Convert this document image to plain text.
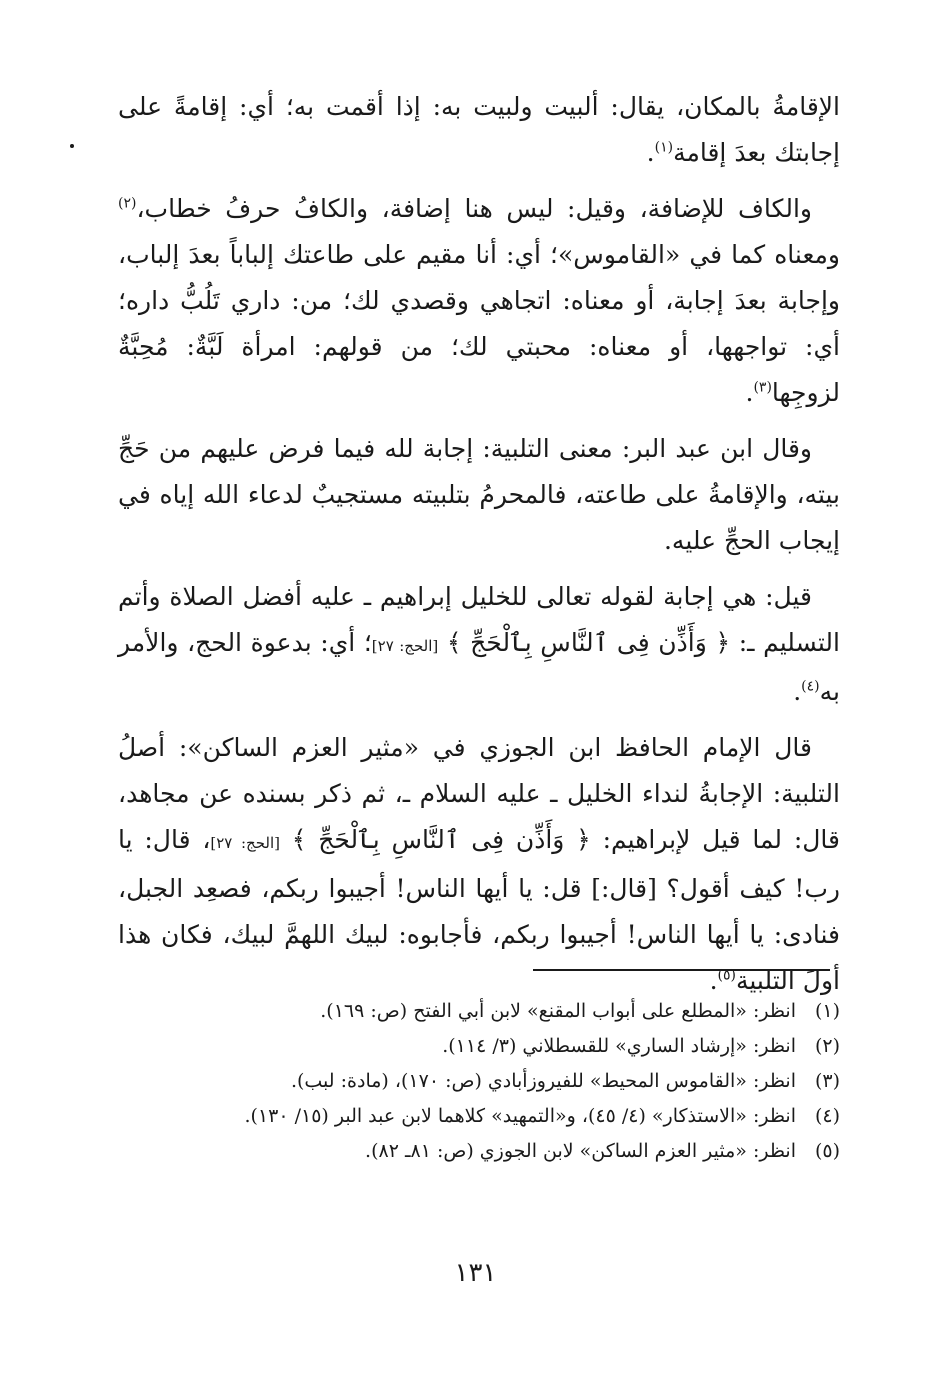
الإقامةُ بالمكان، يقال: ألبيت ولبيت به: إذا أقمت به؛ أي: إقامةً على إجابتك بعدَ إقامة$^{(١)}$.

والكاف للإضافة، وقيل: ليس هنا إضافة، والكافُ حرفُ خطاب،$^{(٢)}$ ومعناه كما في «القاموس»؛ أي: أنا مقيم على طاعتك إلباباً بعدَ إلباب، وإجابة بعدَ إجابة، أو معناه: اتجاهي وقصدي لك؛ من: داري تَلُبُّ داره؛ أي: تواجهها، أو معناه: محبتي لك؛ من قولهم: امرأة لَبَّةٌ: مُحِبَّةٌ لزوجِها$^{(٣)}$.

وقال ابن عبد البر: معنى التلبية: إجابة لله فيما فرض عليهم من حَجِّ بيته، والإقامةُ على طاعته، فالمحرمُ بتلبيته مستجيبٌ لدعاء الله إياه في إيجاب الحجِّ عليه.

قيل: هي إجابة لقوله تعالى للخليل إبراهيم ـ عليه أفضل الصلاة وأتم التسليم ـ: ﴿ وَأَذِّن فِى ٱلنَّاسِ بِٱلْحَجِّ ﴾ [الحج: ٢٧]؛ أي: بدعوة الحج، والأمر به$^{(٤)}$.

قال الإمام الحافظ ابن الجوزي في «مثير العزم الساكن»: أصلُ التلبية: الإجابةُ لنداء الخليل ـ عليه السلام ـ، ثم ذكر بسنده عن مجاهد، قال: لما قيل لإبراهيم: ﴿ وَأَذِّن فِى ٱلنَّاسِ بِٱلْحَجِّ ﴾ [الحج: ٢٧]، قال: يا رب! كيف أقول؟ [قال:] قل: يا أيها الناس! أجيبوا ربكم، فصعِد الجبل، فنادى: يا أيها الناس! أجيبوا ربكم، فأجابوه: لبيك اللهمَّ لبيك، فكان هذا أولَ التلبية$^{(٥)}$.

(١)
انظر: «المطلع على أبواب المقنع» لابن أبي الفتح (ص: ١٦٩).
(٢)
انظر: «إرشاد الساري» للقسطلاني (٣/ ١١٤).
(٣)
انظر: «القاموس المحيط» للفيروزأبادي (ص: ١٧٠)، (مادة: لبب).
(٤)
انظر: «الاستذكار» (٤/ ٤٥)، و«التمهيد» كلاهما لابن عبد البر (١٥/ ١٣٠).
(٥)
انظر: «مثير العزم الساكن» لابن الجوزي (ص: ٨١ـ ٨٢).
١٣١
